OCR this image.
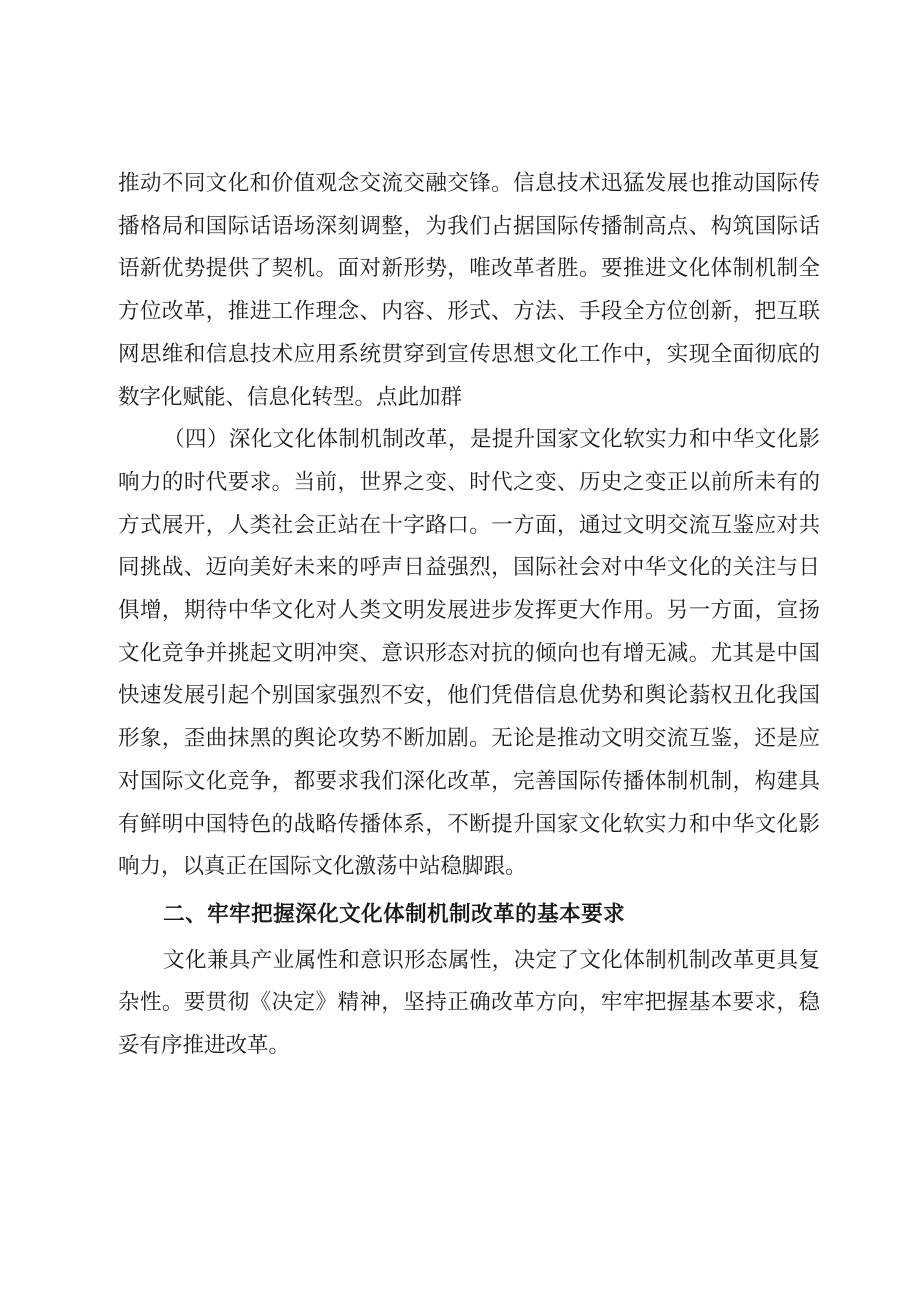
推动不同文化和价值观念交流交融交锋。信息技术迅猛发展也推动国际传播格局和国际话语场深刻调整，为我们占据国际传播制高点、构筑国际话语新优势提供了契机。面对新形势，唯改革者胜。要推进文化体制机制全方位改革，推进工作理念、内容、形式、方法、手段全方位创新，把互联网思维和信息技术应用系统贯穿到宣传思想文化工作中，实现全面彻底的数字化赋能、信息化转型。点此加群

（四）深化文化体制机制改革，是提升国家文化软实力和中华文化影响力的时代要求。当前，世界之变、时代之变、历史之变正以前所未有的方式展开，人类社会正站在十字路口。一方面，通过文明交流互鉴应对共同挑战、迈向美好未来的呼声日益强烈，国际社会对中华文化的关注与日俱增，期待中华文化对人类文明发展进步发挥更大作用。另一方面，宣扬文化竞争并挑起文明冲突、意识形态对抗的倾向也有增无减。尤其是中国快速发展引起个别国家强烈不安，他们凭借信息优势和舆论蓊权丑化我国形象，歪曲抹黑的舆论攻势不断加剧。无论是推动文明交流互鉴，还是应对国际文化竞争，都要求我们深化改革，完善国际传播体制机制，构建具有鲜明中国特色的战略传播体系，不断提升国家文化软实力和中华文化影响力，以真正在国际文化激荡中站稳脚跟。

二、牢牢把握深化文化体制机制改革的基本要求

文化兼具产业属性和意识形态属性，决定了文化体制机制改革更具复杂性。要贯彻《决定》精神，坚持正确改革方向，牢牢把握基本要求，稳妥有序推进改革。
